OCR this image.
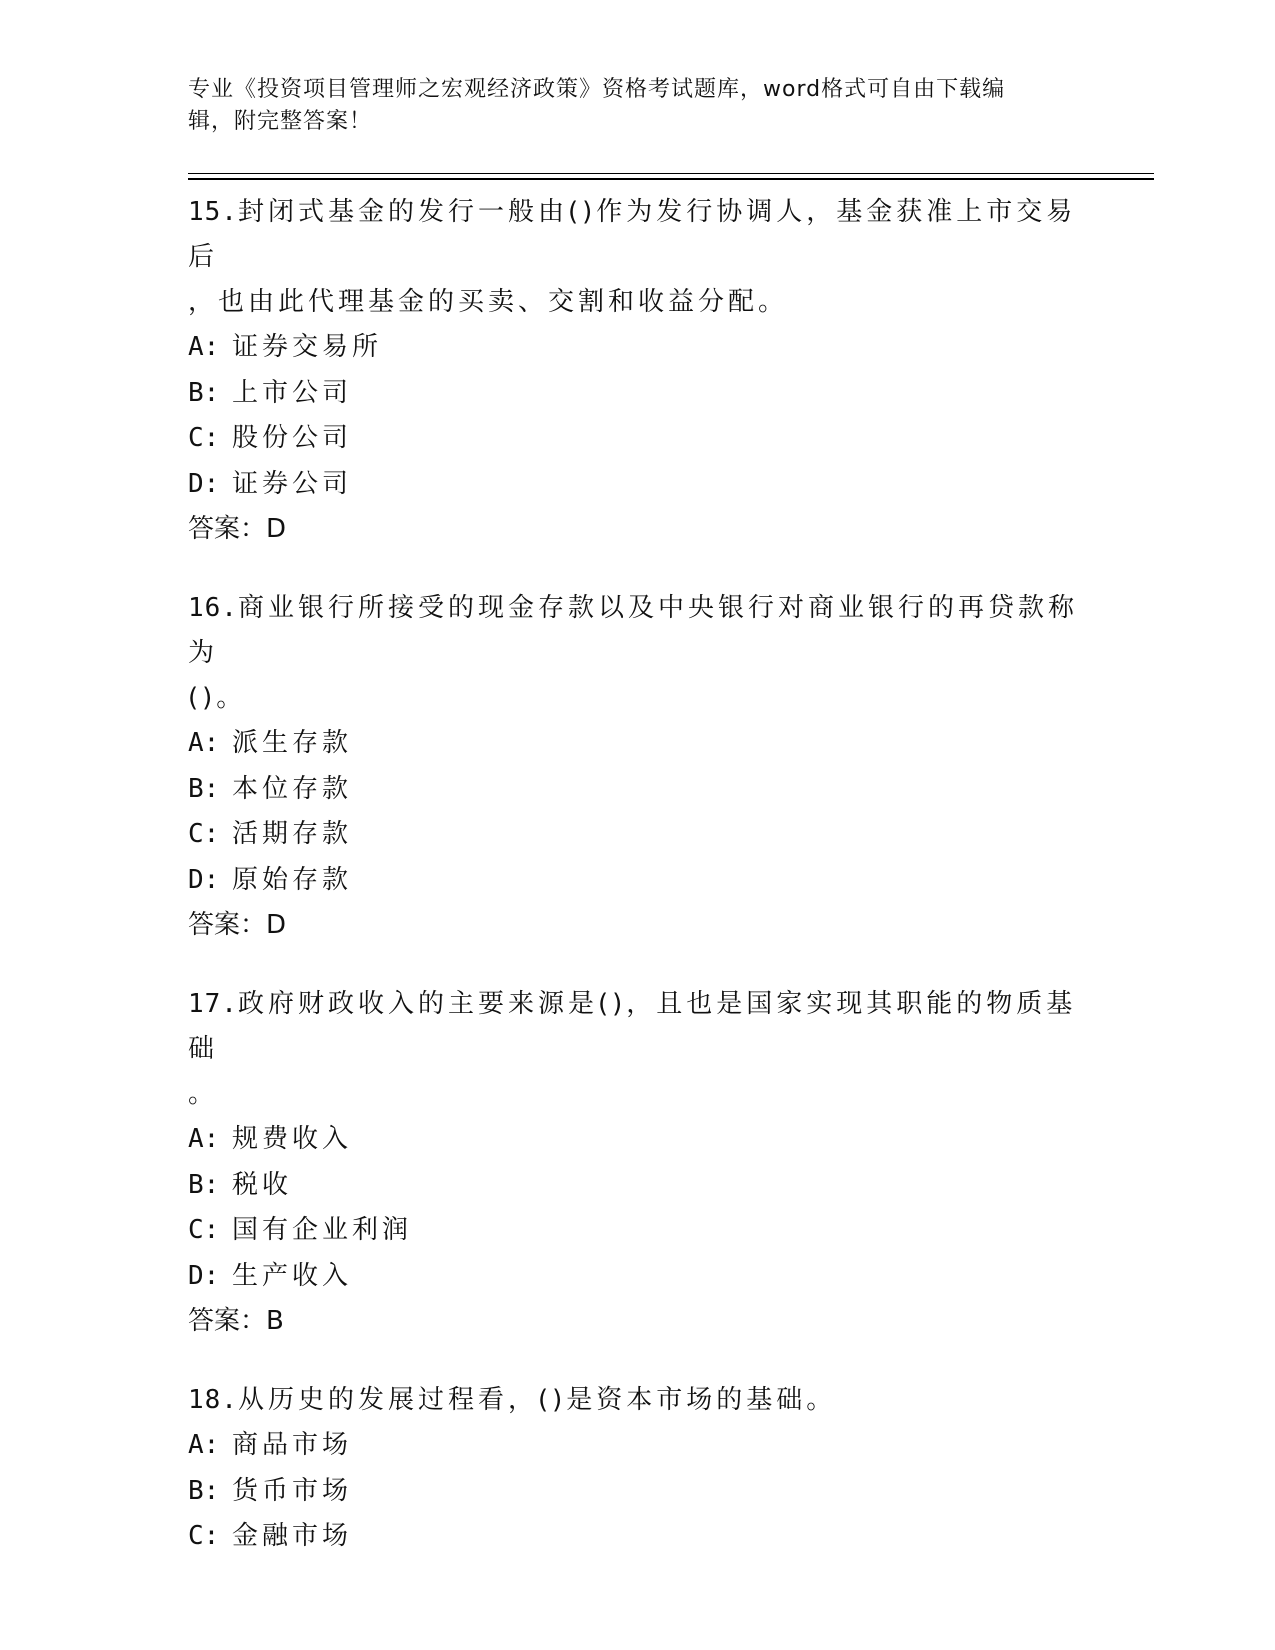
专业《投资项目管理师之宏观经济政策》资格考试题库，word格式可自由下载编
辑，附完整答案！

15.封闭式基金的发行一般由()作为发行协调人，基金获准上市交易后

，也由此代理基金的买卖、交割和收益分配。

A: 证券交易所

B: 上市公司

C: 股份公司

D: 证券公司

答案：D

16.商业银行所接受的现金存款以及中央银行对商业银行的再贷款称为

()。

A: 派生存款

B: 本位存款

C: 活期存款

D: 原始存款

答案：D

17.政府财政收入的主要来源是()，且也是国家实现其职能的物质基础

。

A: 规费收入

B: 税收

C: 国有企业利润

D: 生产收入

答案：B

18.从历史的发展过程看，()是资本市场的基础。

A: 商品市场

B: 货币市场

C: 金融市场
